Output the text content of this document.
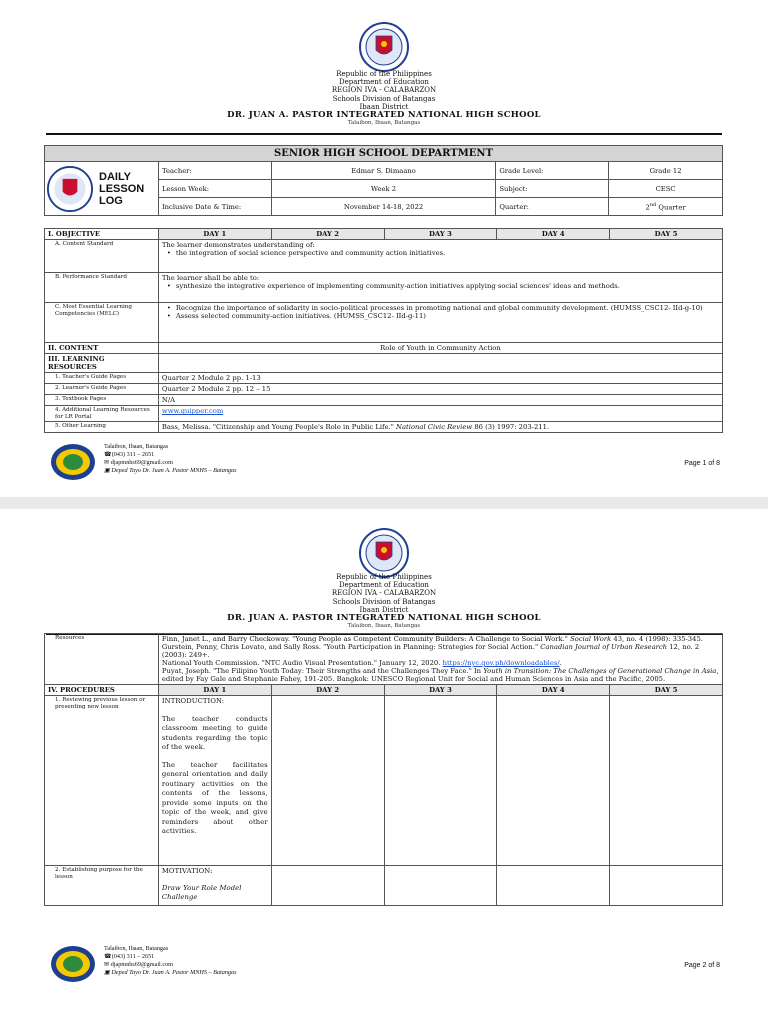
Republic of the Philippines
Department of Education
REGION IVA - CALABARZON
Schools Division of Batangas
Ibaan District
DR. JUAN A. PASTOR INTEGRATED NATIONAL HIGH SCHOOL
Talaibon, Ibaan, Batangas
SENIOR HIGH SCHOOL DEPARTMENT				

DAILY
LESSON
LOG	Teacher:	Edmar S. Dimaano	Grade Level:	Grade 12
	Lesson Week:	Week 2	Subject:	CESC
	Inclusive Date & Time:	November 14-18, 2022	Quarter:	2nd Quarter
I. OBJECTIVE	DAY 1	DAY 2	DAY 3	DAY 4	DAY 5
A. Content Standard	The learner demonstrates understanding of:
• the integration of social science perspective and community action initiatives.

B. Performance Standard	The learner shall be able to:
• synthesize the integrative experience of implementing community-action initiatives applying social sciences' ideas and methods.

C. Most Essential Learning Competencies (MELC)	• Recognize the importance of solidarity in socio-political processes in promoting national and global community development. (HUMSS_CSC12- IId-g-10)
• Assess selected community-action initiatives. (HUMSS_CSC12- IId-g-11)

II. CONTENT	Role of Youth in Community Action				
III. LEARNING RESOURCES					
1. Teacher's Guide Pages	Quarter 2 Module 2 pp. 1-13				
2. Learner's Guide Pages	Quarter 2 Module 2 pp. 12 – 15				
3. Textbook Pages	N/A				
4. Additional Learning Resources for LR Portal	www.quipper.com				
5. Other Learning	Bass, Melissa. "Citizenship and Young People's Role in Public Life." National Civic Review 86 (3) 1997: 203-211.				
Talaibon, Ibaan, Batangas
☎(043) 311 – 2651
✉ djapmnhs69@gmail.com
▣ Deped Tayo Dr. Juan A. Pastor MNHS – Batangas
Page 1 of 8
Republic of the Philippines
Department of Education
REGION IVA - CALABARZON
Schools Division of Batangas
Ibaan District
DR. JUAN A. PASTOR INTEGRATED NATIONAL HIGH SCHOOL
Talaibon, Ibaan, Batangas
Resources	Finn, Janet L., and Barry Checkoway. "Young People as Competent Community Builders: A Challenge to Social Work." Social Work 43, no. 4 (1998): 335-345.
Gurstein, Penny, Chris Lovato, and Sally Ross. "Youth Participation in Planning: Strategies for Social Action." Canadian Journal of Urban Research 12, no. 2 (2003): 249+.
National Youth Commission. "NTC Audio Visual Presentation." January 12, 2020. https://nyc.gov.ph/downloadables/.
Puyat, Joseph. "The Filipino Youth Today: Their Strengths and the Challenges They Face." In Youth in Transition: The Challenges of Generational Change in Asia, edited by Fay Gale and Stephanie Fahey, 191-205. Bangkok: UNESCO Regional Unit for Social and Human Sciences in Asia and the Pacific, 2005.				

IV. PROCEDURES	DAY 1	DAY 2	DAY 3	DAY 4	DAY 5
1. Reviewing previous lesson or presenting new lesson	INTRODUCTION:
The teacher conducts classroom meeting to guide students regarding the topic of the week.
The teacher facilitates general orientation and daily routinary activities on the contents of the lessons, provide some inputs on the topic of the week, and give reminders about other activities.				

2. Establishing purpose for the lesson	MOTIVATION:
Draw Your Role Model Challenge				

Talaibon, Ibaan, Batangas
☎(043) 311 – 2651
✉ djapmnhs69@gmail.com
▣ Deped Tayo Dr. Juan A. Pastor MNHS – Batangas
Page 2 of 8
